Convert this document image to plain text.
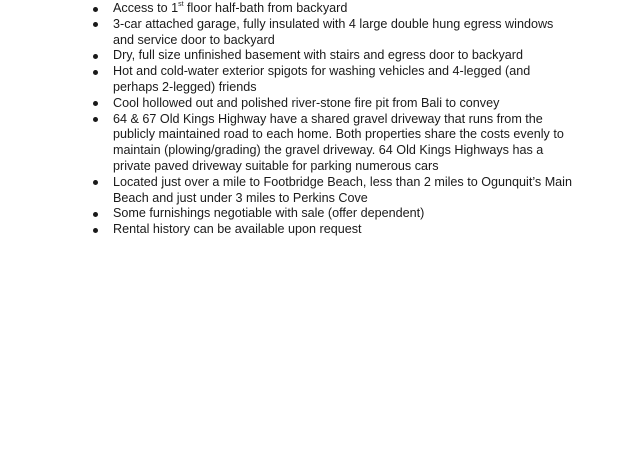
Access to 1st floor half-bath from backyard
3-car attached garage, fully insulated with 4 large double hung egress windows and service door to backyard
Dry, full size unfinished basement with stairs and egress door to backyard
Hot and cold-water exterior spigots for washing vehicles and 4-legged (and perhaps 2-legged) friends
Cool hollowed out and polished river-stone fire pit from Bali to convey
64 & 67 Old Kings Highway have a shared gravel driveway that runs from the publicly maintained road to each home. Both properties share the costs evenly to maintain (plowing/grading) the gravel driveway. 64 Old Kings Highways has a private paved driveway suitable for parking numerous cars
Located just over a mile to Footbridge Beach, less than 2 miles to Ogunquit’s Main Beach and just under 3 miles to Perkins Cove
Some furnishings negotiable with sale (offer dependent)
Rental history can be available upon request
